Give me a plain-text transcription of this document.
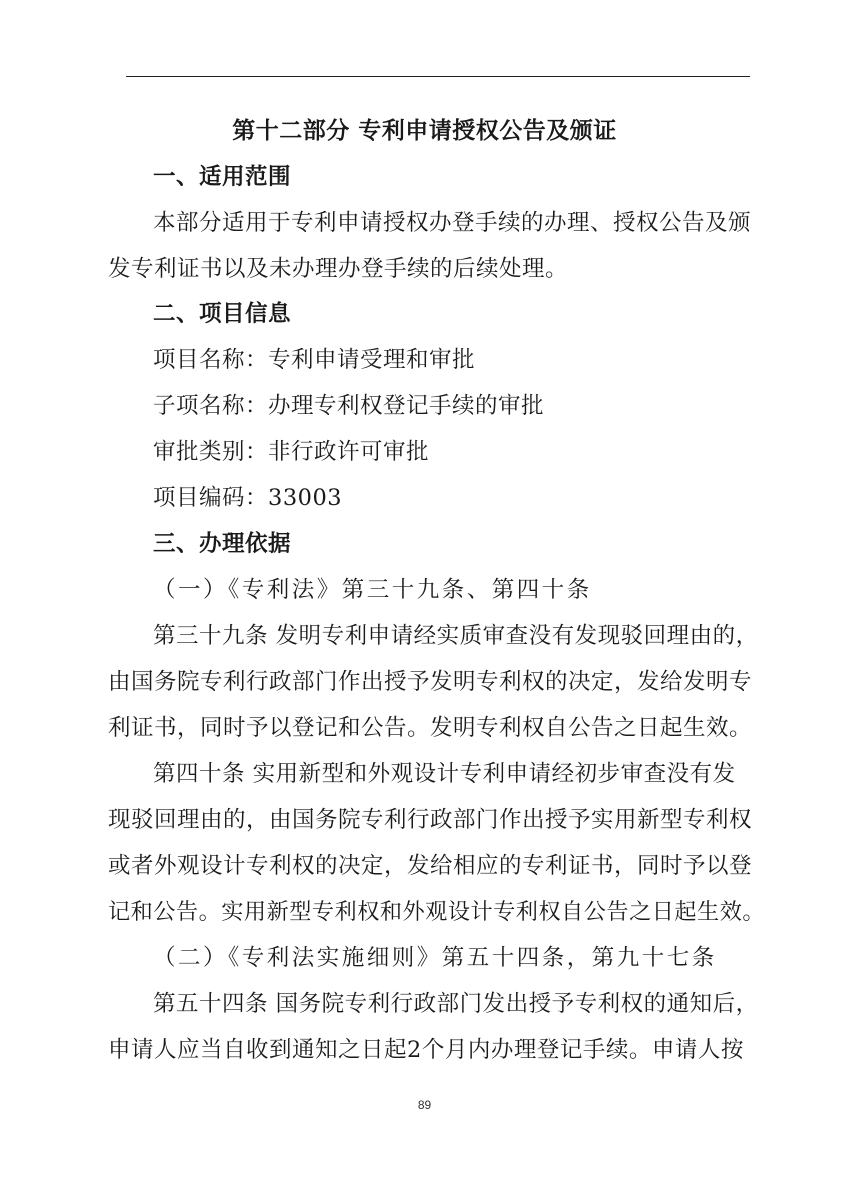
第十二部分 专利申请授权公告及颁证
一、适用范围
本部分适用于专利申请授权办登手续的办理、授权公告及颁
发专利证书以及未办理办登手续的后续处理。
二、项目信息
项目名称：专利申请受理和审批
子项名称：办理专利权登记手续的审批
审批类别：非行政许可审批
项目编码：33003
三、办理依据
（一）《专利法》第三十九条、第四十条
第三十九条 发明专利申请经实质审查没有发现驳回理由的，
由国务院专利行政部门作出授予发明专利权的决定，发给发明专
利证书，同时予以登记和公告。发明专利权自公告之日起生效。
第四十条 实用新型和外观设计专利申请经初步审查没有发
现驳回理由的，由国务院专利行政部门作出授予实用新型专利权
或者外观设计专利权的决定，发给相应的专利证书，同时予以登
记和公告。实用新型专利权和外观设计专利权自公告之日起生效。
（二）《专利法实施细则》第五十四条，第九十七条
第五十四条 国务院专利行政部门发出授予专利权的通知后，
申请人应当自收到通知之日起2个月内办理登记手续。申请人按
89
